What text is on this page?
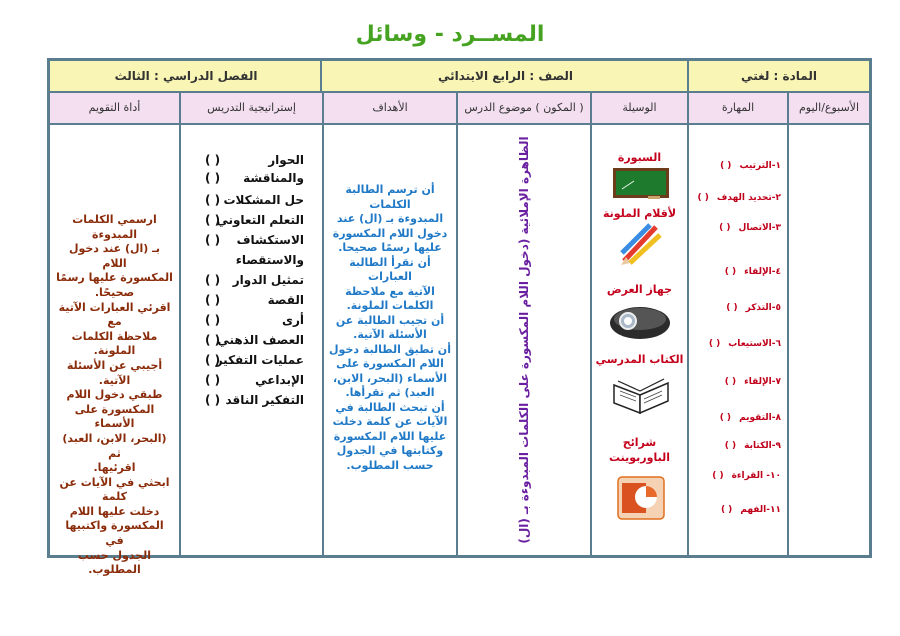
المســرد - وسائل
المادة : لغتي
الصف : الرابع الابتدائي
الفصل الدراسي : الثالث
الأسبوع/اليوم
المهارة
الوسيلة
( المكون ) موضوع الدرس
الأهداف
إستراتيجية التدريس
أداة التقويم
١-الترتيب( )
٢-تحديد الهدف( )
٣-الاتصال( )
٤-الإلقاء( )
٥-التذكر( )
٦-الاستيعاب( )
٧-الإلقاء( )
٨-التقويم( )
٩-الكتابة( )
١٠- القراءة( )
١١-الفهم( )
السبورة
لأقلام الملونة
جهاز العرض
الكتاب المدرسي
شرائح الباوربوينت
الظاهرة الإملائية (دخول اللام المكسورة على الكلمات المبدوءة بـ (ال)
أن ترسم الطالبة الكلمات
المبدوءة بـ (ال) عند
دخول اللام المكسورة
عليها رسمًا صحيحا.
أن تقرأ الطالبة العبارات
الآتية مع ملاحظة
الكلمات الملونة.
أن تجيب الطالبة عن
الأسئلة الآتية.
أن تطبق الطالبة دخول
اللام المكسورة على
الأسماء (البحر، الابن،
العبد) ثم تقرأها.
أن تبحث الطالبة في
الآيات عن كلمة دخلت
عليها اللام المكسورة
وكتابتها في الجدول
حسب المطلوب.
الحوار
والمناقشة
حل المشكلات
التعلم التعاوني
الاستكشاف
والاستقصاء
تمثيل الدوار
القصة
أرى
العصف الذهني
عمليات التفكير
الإبداعي
التفكير الناقد
( )
( )
( )
( )
( )
( )
( )
( )
( )
( )
( )
( )
ارسمي الكلمات المبدوءة
بـ (ال) عند دخول اللام
المكسورة عليها رسمًا
صحيحًا.
اقرئي العبارات الآتية مع
ملاحظة الكلمات الملونة.
أجيبي عن الأسئلة الآتية.
طبقي دخول اللام
المكسورة على الأسماء
(البحر، الابن، العبد) ثم
اقرئيها.
ابحثي في الآيات عن كلمة
دخلت عليها اللام
المكسورة واكتبيها في
الجدول حسب المطلوب.
